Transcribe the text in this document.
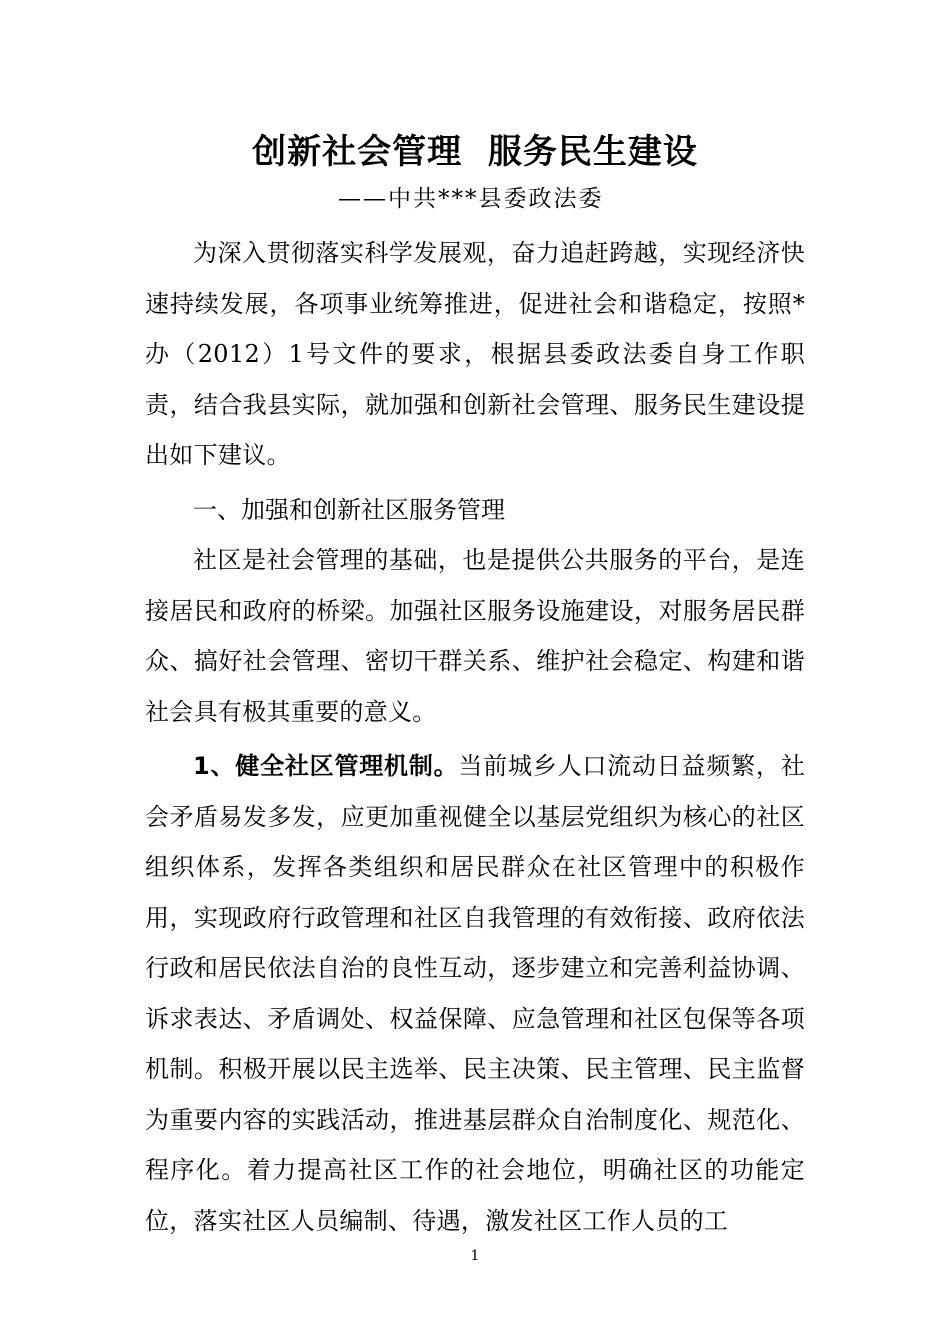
创新社会管理  服务民生建设
——中共***县委政法委

为深入贯彻落实科学发展观，奋力追赶跨越，实现经济快速持续发展，各项事业统筹推进，促进社会和谐稳定，按照*办（2012）1号文件的要求，根据县委政法委自身工作职责，结合我县实际，就加强和创新社会管理、服务民生建设提出如下建议。

一、加强和创新社区服务管理

社区是社会管理的基础，也是提供公共服务的平台，是连接居民和政府的桥梁。加强社区服务设施建设，对服务居民群众、搞好社会管理、密切干群关系、维护社会稳定、构建和谐社会具有极其重要的意义。

1、健全社区管理机制。当前城乡人口流动日益频繁，社会矛盾易发多发，应更加重视健全以基层党组织为核心的社区组织体系，发挥各类组织和居民群众在社区管理中的积极作用，实现政府行政管理和社区自我管理的有效衔接、政府依法行政和居民依法自治的良性互动，逐步建立和完善利益协调、诉求表达、矛盾调处、权益保障、应急管理和社区包保等各项机制。积极开展以民主选举、民主决策、民主管理、民主监督为重要内容的实践活动，推进基层群众自治制度化、规范化、程序化。着力提高社区工作的社会地位，明确社区的功能定位，落实社区人员编制、待遇，激发社区工作人员的工

1
